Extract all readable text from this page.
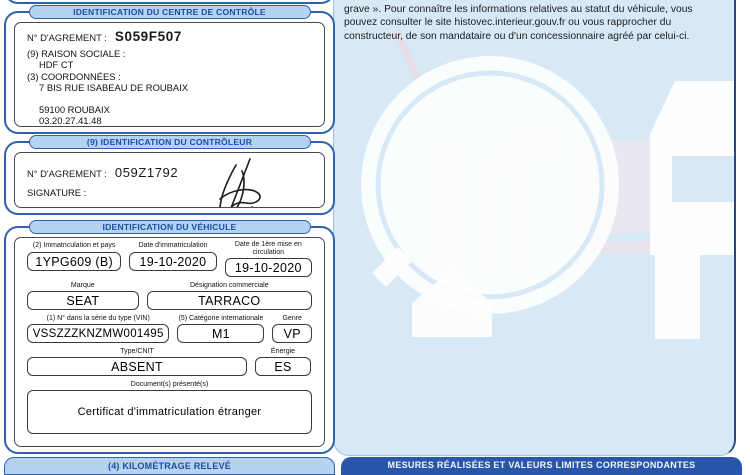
grave ». Pour connaître les informations relatives au statut du véhicule, vous pouvez consulter le site histovec.interieur.gouv.fr ou vous rapprocher du constructeur, de son mandataire ou d'un concessionnaire agréé par celui-ci.
IDENTIFICATION DU CENTRE DE CONTRÔLE
N° D'AGREMENT : S059F507
(9) RAISON SOCIALE :
HDF CT
(3) COORDONNÉES :
7 BIS RUE ISABEAU DE ROUBAIX
59100 ROUBAIX
03.20.27.41.48
(9) IDENTIFICATION DU CONTRÔLEUR
N° D'AGREMENT : 059Z1792
SIGNATURE :
IDENTIFICATION DU VÉHICULE
(2) Immatriculation et pays
1YPG609 (B)
Date d'immatriculation
19-10-2020
Date de 1ère mise en circulation
19-10-2020
Marque
SEAT
Désignation commerciale
TARRACO
(1) N° dans la série du type (VIN)
VSSZZZKNZMW001495
(5) Catégorie internationale
M1
Genre
VP
Type/CNIT
ABSENT
Énergie
ES
Document(s) présenté(s)
Certificat d'immatriculation étranger
(4) KILOMÉTRAGE RELEVÉ	MESURES RÉALISÉES ET VALEURS LIMITES CORRESPONDANTES
